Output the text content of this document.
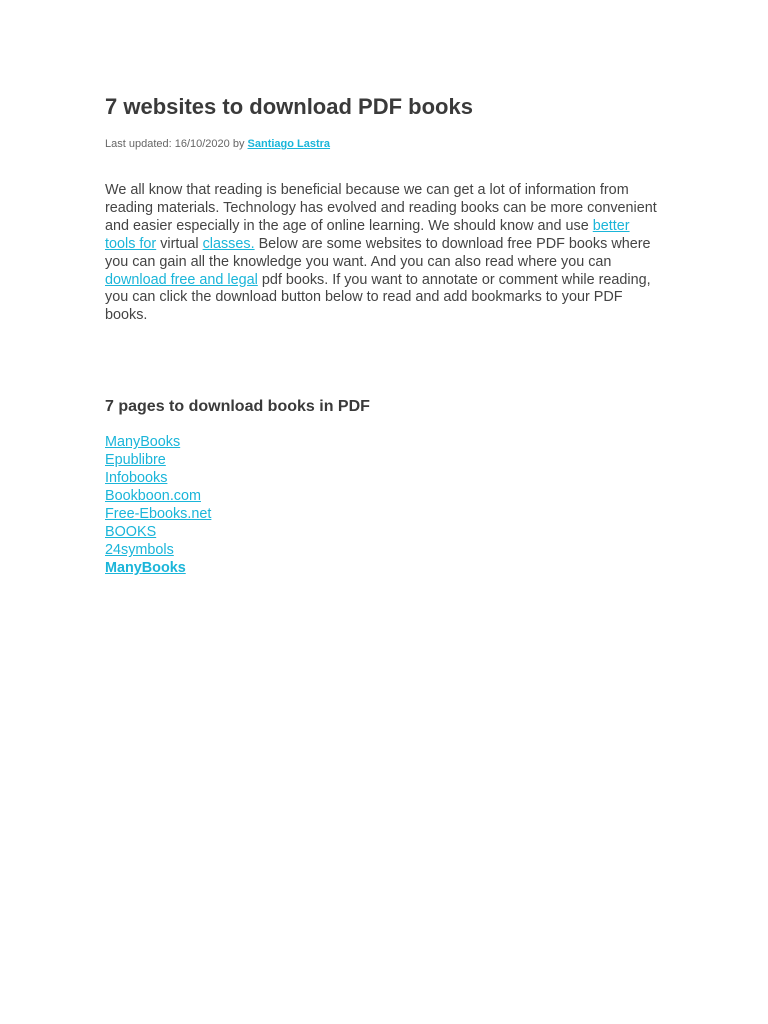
7 websites to download PDF books
Last updated: 16/10/2020 by Santiago Lastra

We all know that reading is beneficial because we can get a lot of information from reading materials. Technology has evolved and reading books can be more convenient and easier especially in the age of online learning. We should know and use better tools for virtual classes. Below are some websites to download free PDF books where you can gain all the knowledge you want. And you can also read where you can download free and legal pdf books. If you want to annotate or comment while reading, you can click the download button below to read and add bookmarks to your PDF books.

7 pages to download books in PDF
ManyBooks
Epublibre
Infobooks
Bookboon.com
Free-Ebooks.net
BOOKS
24symbols
ManyBooks
